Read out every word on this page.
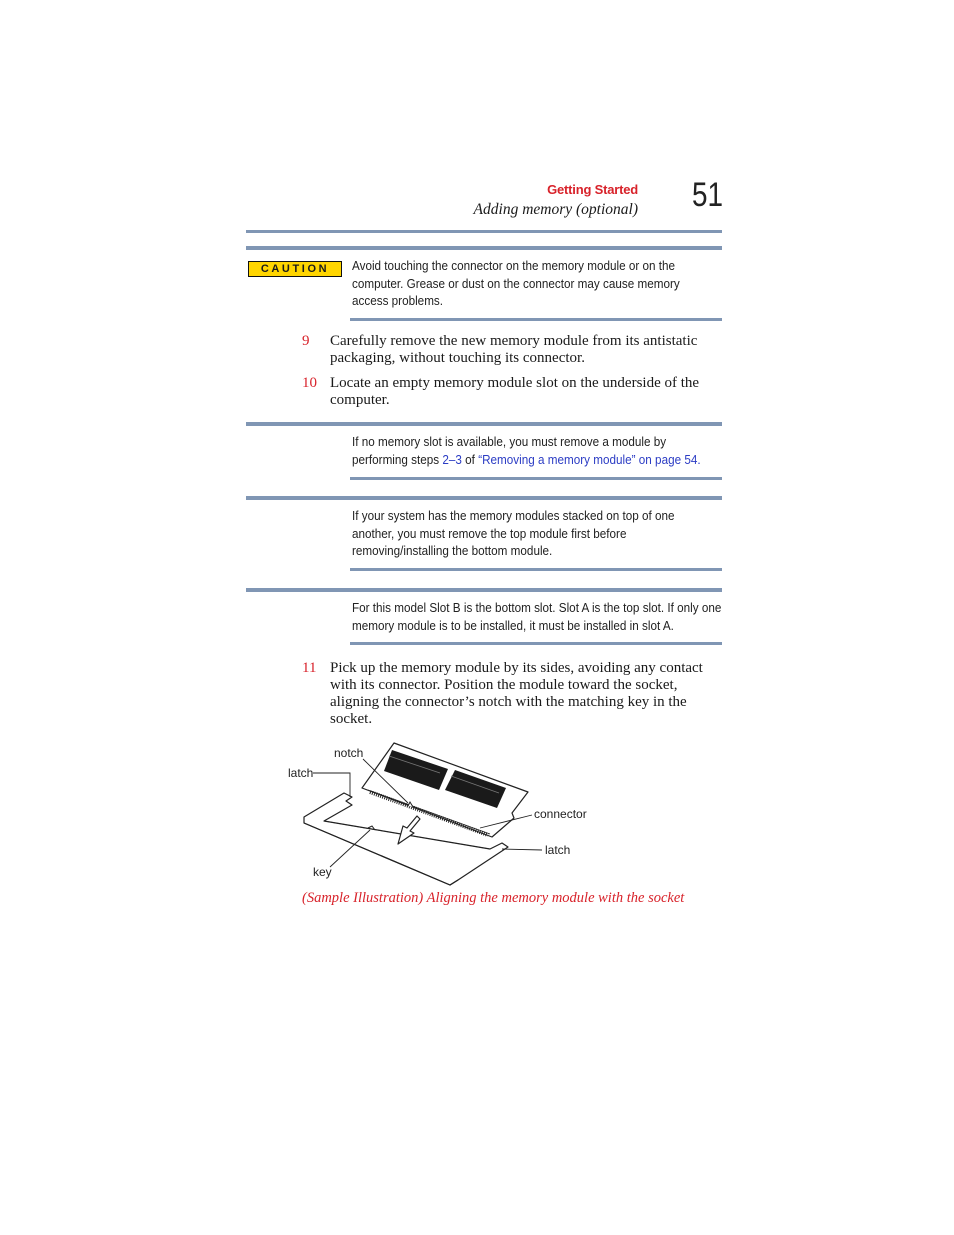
Getting Started
Adding memory (optional) 51
CAUTION	Avoid touching the connector on the memory module or on the
computer. Grease or dust on the connector may cause memory
access problems.
9 Carefully remove the new memory module from its antistatic
packaging, without touching its connector.
10 Locate an empty memory module slot on the underside of the
computer.
If no memory slot is available, you must remove a module by
performing steps 2–3 of “Removing a memory module” on page 54.
If your system has the memory modules stacked on top of one
another, you must remove the top module first before
removing/installing the bottom module.
For this model Slot B is the bottom slot. Slot A is the top slot. If only one
memory module is to be installed, it must be installed in slot A.
11 Pick up the memory module by its sides, avoiding any contact
with its connector. Position the module toward the socket,
aligning the connector’s notch with the matching key in the
socket.
notch
latch
connector
latch
key
(Sample Illustration) Aligning the memory module with the socket
